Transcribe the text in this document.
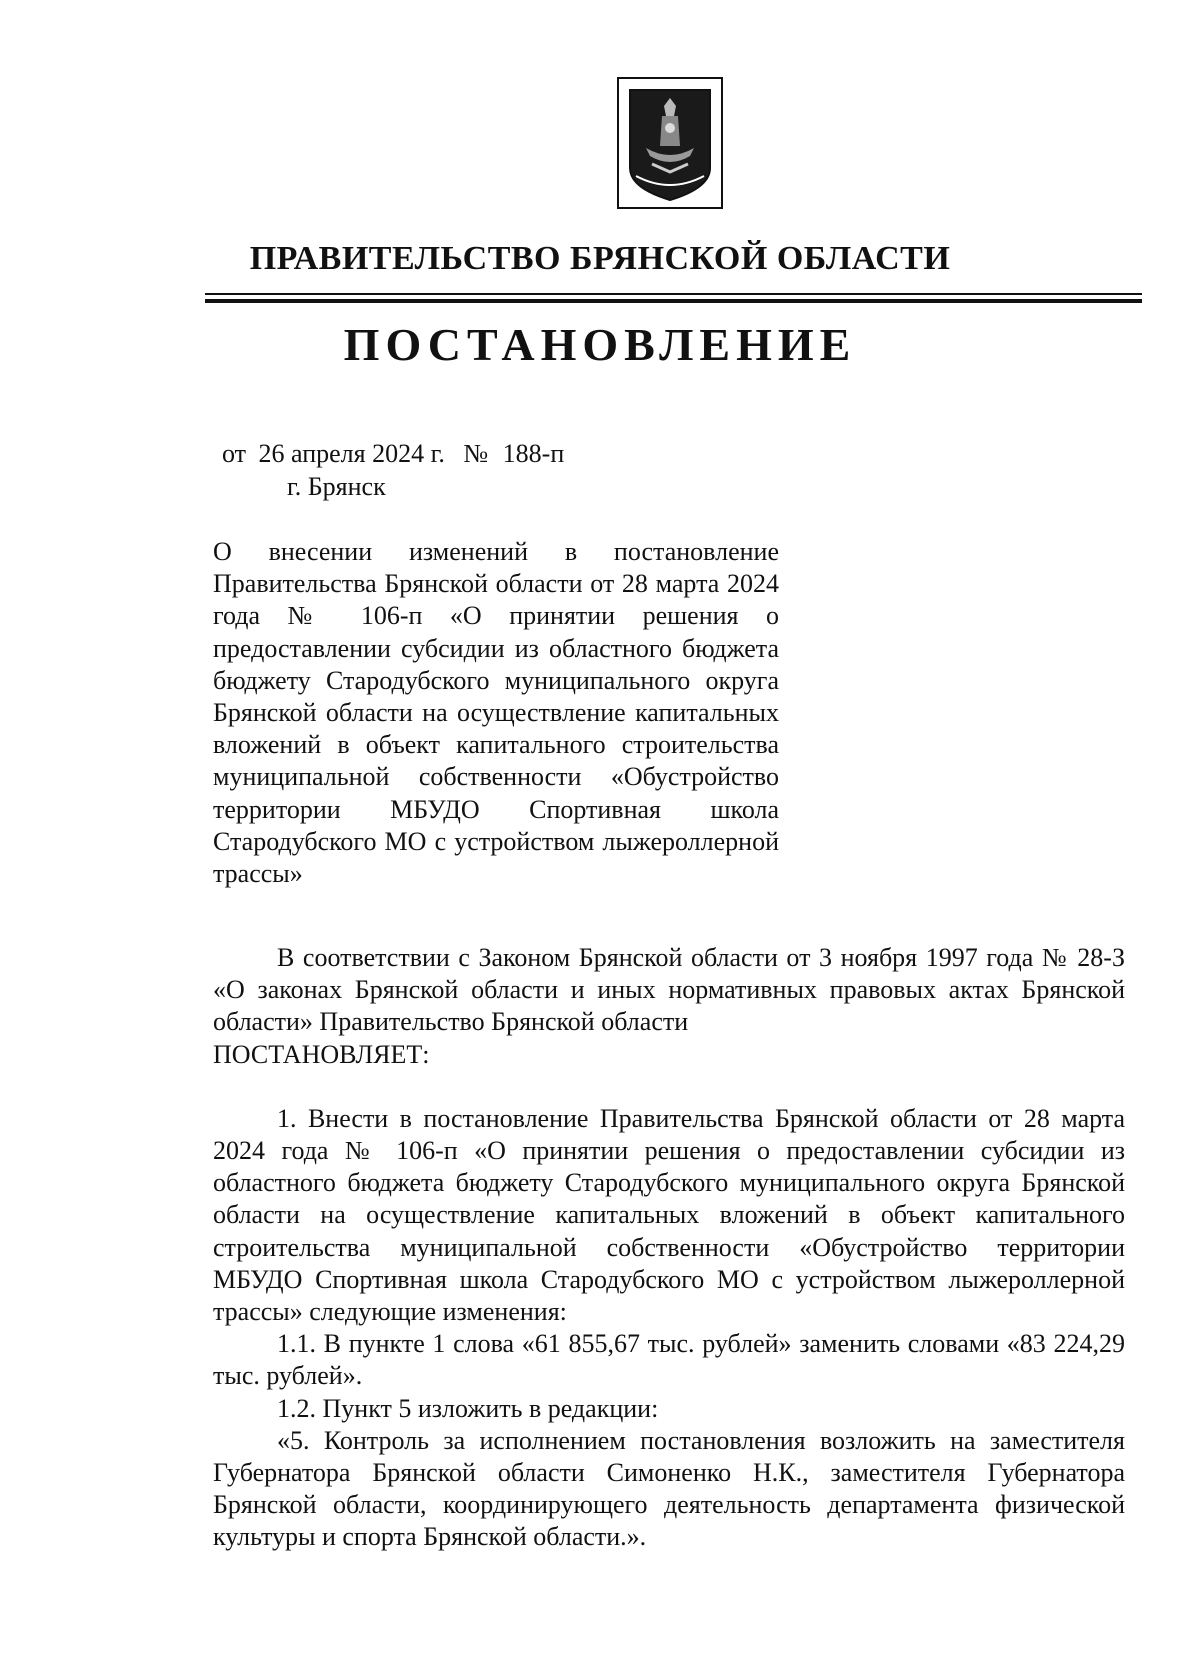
ПРАВИТЕЛЬСТВО БРЯНСКОЙ ОБЛАСТИ
ПОСТАНОВЛЕНИЕ
от 26 апреля 2024 г. № 188-п
г. Брянск
О внесении изменений в постановление Правительства Брянской области от 28 марта 2024 года № 106-п «О принятии решения о предоставлении субсидии из областного бюджета бюджету Стародубского муниципального округа Брянской области на осуществление капитальных вложений в объект капитального строительства муниципальной собственности «Обустройство территории МБУДО Спортивная школа Стародубского МО с устройством лыжероллерной трассы»

В соответствии с Законом Брянской области от 3 ноября 1997 года № 28-З «О законах Брянской области и иных нормативных правовых актах Брянской области» Правительство Брянской области

ПОСТАНОВЛЯЕТ:

1. Внести в постановление Правительства Брянской области от 28 марта 2024 года № 106-п «О принятии решения о предоставлении субсидии из областного бюджета бюджету Стародубского муниципального округа Брянской области на осуществление капитальных вложений в объект капитального строительства муниципальной собственности «Обустройство территории МБУДО Спортивная школа Стародубского МО с устройством лыжероллерной трассы» следующие изменения:

1.1. В пункте 1 слова «61 855,67 тыс. рублей» заменить словами «83 224,29 тыс. рублей».

1.2. Пункт 5 изложить в редакции:

«5. Контроль за исполнением постановления возложить на заместителя Губернатора Брянской области Симоненко Н.К., заместителя Губернатора Брянской области, координирующего деятельность департамента физической культуры и спорта Брянской области.».
